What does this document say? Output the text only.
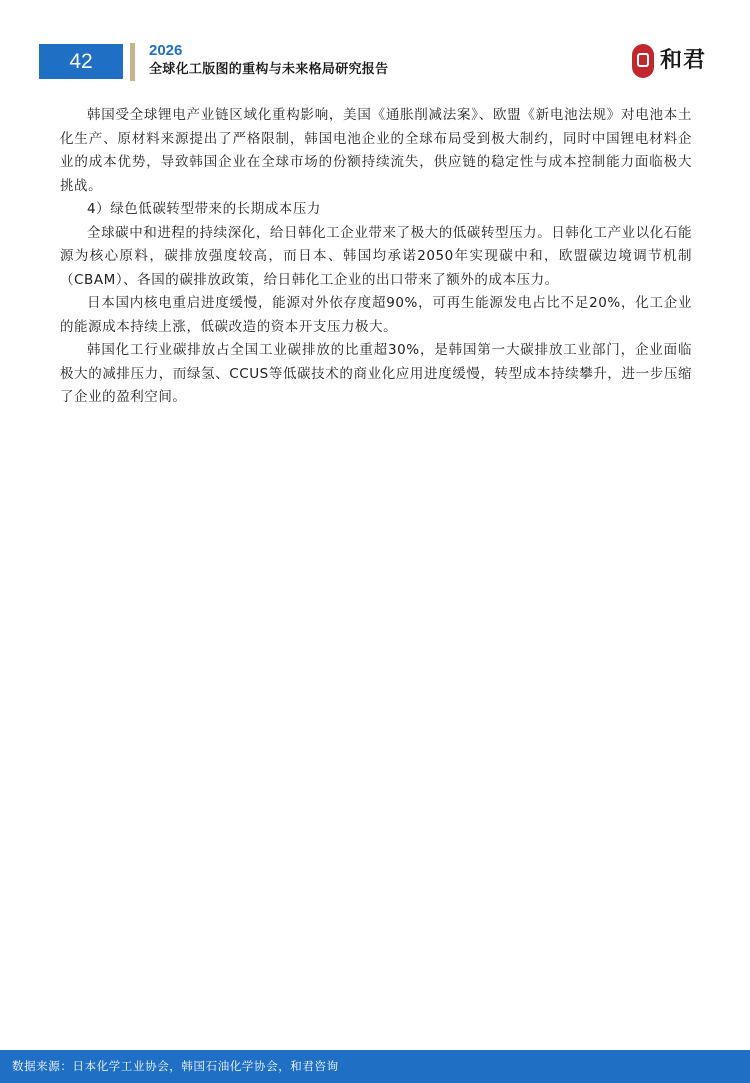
42	2026
全球化工版图的重构与未来格局研究报告	和君

韩国受全球锂电产业链区域化重构影响，美国《通胀削减法案》、欧盟《新电池法规》对电池本土化生产、原材料来源提出了严格限制，韩国电池企业的全球布局受到极大制约，同时中国锂电材料企业的成本优势，导致韩国企业在全球市场的份额持续流失，供应链的稳定性与成本控制能力面临极大挑战。

4）绿色低碳转型带来的长期成本压力

全球碳中和进程的持续深化，给日韩化工企业带来了极大的低碳转型压力。日韩化工产业以化石能源为核心原料，碳排放强度较高，而日本、韩国均承诺2050年实现碳中和，欧盟碳边境调节机制（CBAM）、各国的碳排放政策，给日韩化工企业的出口带来了额外的成本压力。

日本国内核电重启进度缓慢，能源对外依存度超90%，可再生能源发电占比不足20%，化工企业的能源成本持续上涨，低碳改造的资本开支压力极大。

韩国化工行业碳排放占全国工业碳排放的比重超30%，是韩国第一大碳排放工业部门，企业面临极大的减排压力，而绿氢、CCUS等低碳技术的商业化应用进度缓慢，转型成本持续攀升，进一步压缩了企业的盈利空间。

数据来源：日本化学工业协会，韩国石油化学协会，和君咨询
